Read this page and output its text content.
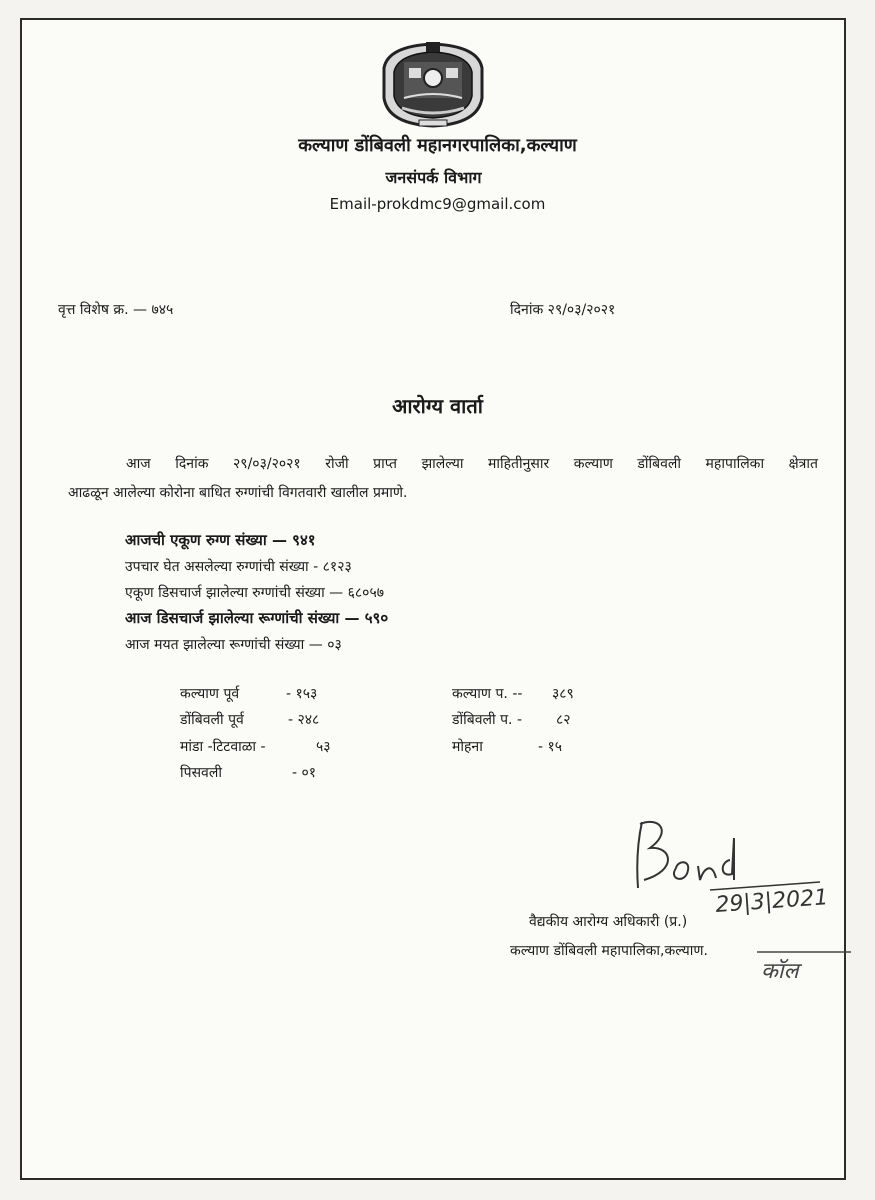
कल्याण डोंबिवली महानगरपालिका,कल्याण
जनसंपर्क विभाग
Email-prokdmc9@gmail.com
वृत्त विशेष क्र. — ७४५	दिनांक २९/०३/२०२१
आरोग्य वार्ता
आज दिनांक २९/०३/२०२१ रोजी प्राप्त झालेल्या माहितीनुसार कल्याण डोंबिवली महापालिका क्षेत्रात
आढळून आलेल्या कोरोना बाधित रुग्णांची विगतवारी खालील प्रमाणे.
आजची एकूण रुग्ण संख्या — ९४१
उपचार घेत असलेल्या रुग्णांची संख्या - ८१२३
एकूण डिसचार्ज झालेल्या रुग्णांची संख्या — ६८०५७
आज डिसचार्ज झालेल्या रूग्णांची संख्या — ५९०
आज मयत झालेल्या रूग्णांची संख्या — ०३
कल्याण पूर्व	- १५३	कल्याण प. -- ३८९
डोंबिवली पूर्व	- २४८	डोंबिवली प. - ८२
मांडा -टिटवाळा -	५३	मोहना	- १५
पिसवली	- ०१
29|3|2021
वैद्यकीय आरोग्य अधिकारी (प्र.)
कल्याण डोंबिवली महापालिका,कल्याण.
कॉल
